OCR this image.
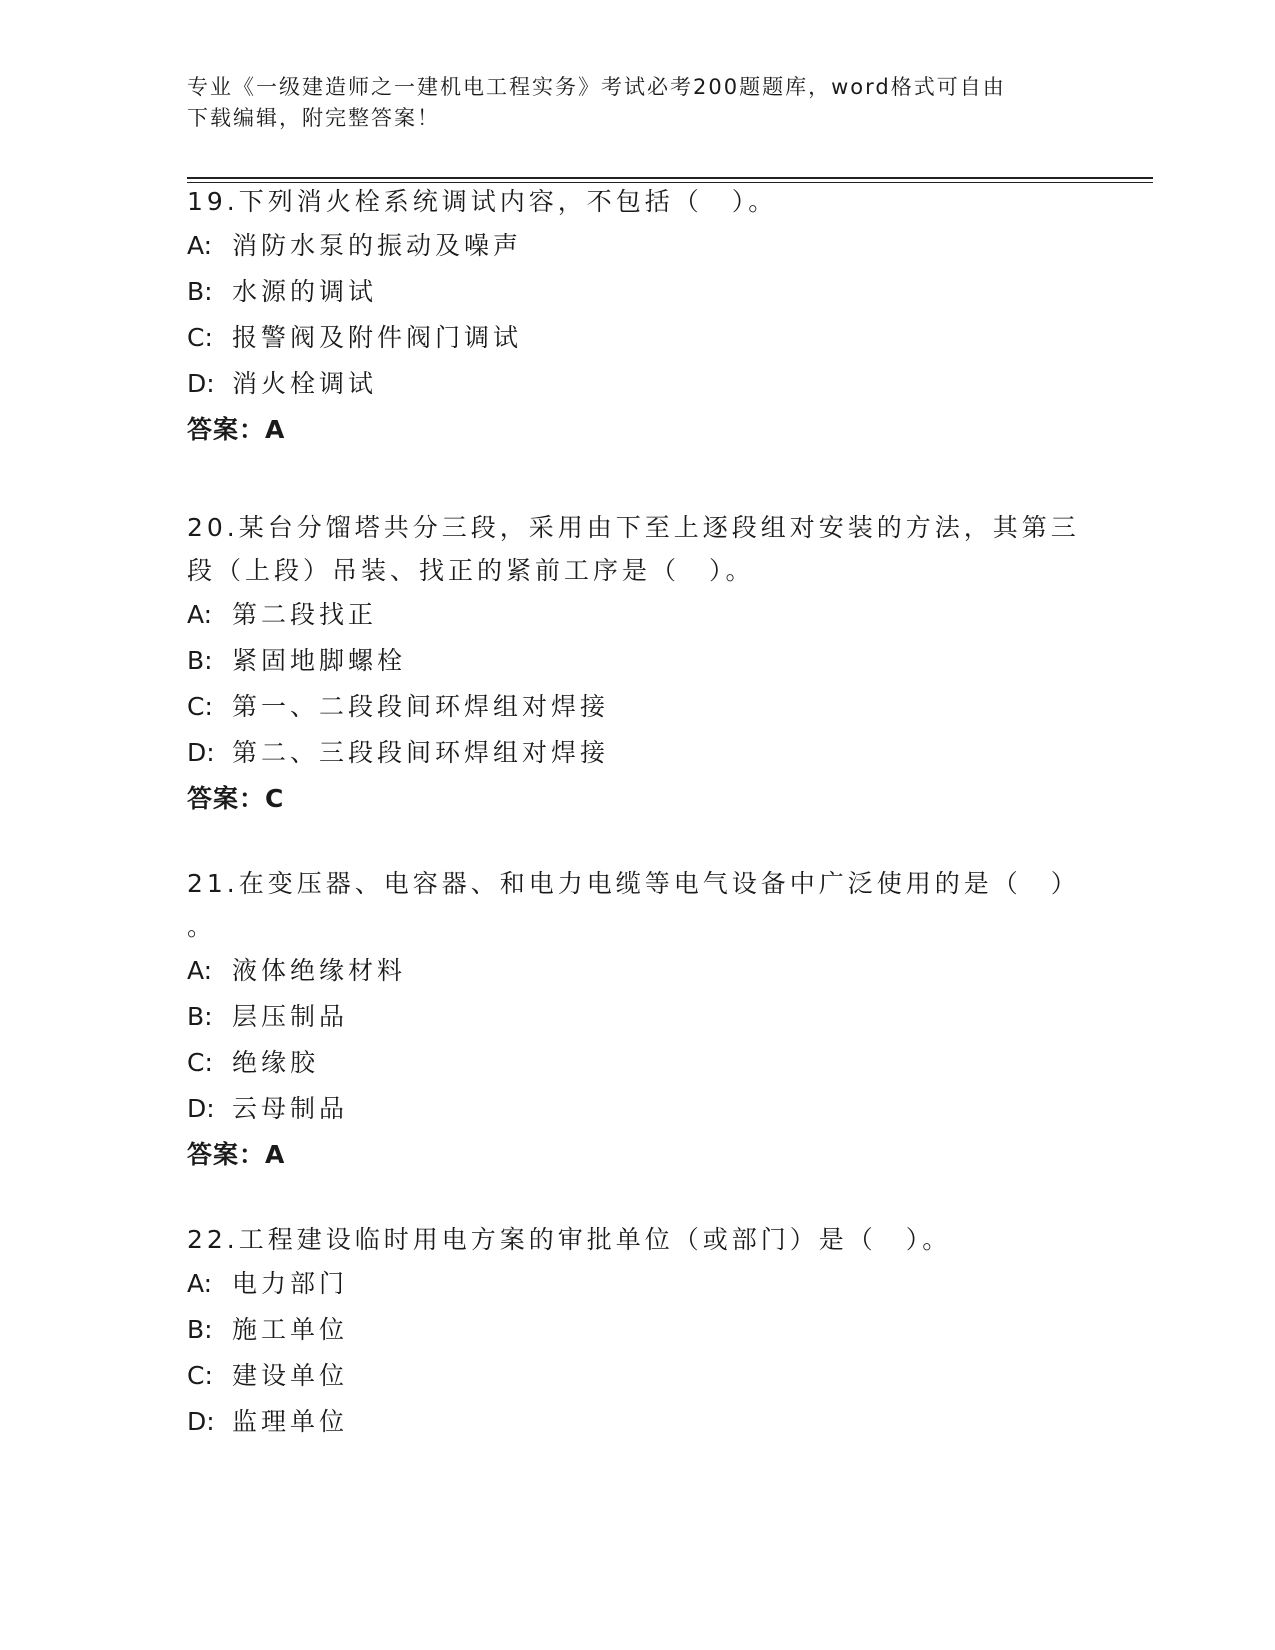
专业《一级建造师之一建机电工程实务》考试必考200题题库，word格式可自由
下载编辑，附完整答案！

19.下列消火栓系统调试内容，不包括（　）。

A: 消防水泵的振动及噪声

B: 水源的调试

C: 报警阀及附件阀门调试

D: 消火栓调试

答案：A

20.某台分馏塔共分三段，采用由下至上逐段组对安装的方法，其第三

段（上段）吊装、找正的紧前工序是（　）。

A: 第二段找正

B: 紧固地脚螺栓

C: 第一、二段段间环焊组对焊接

D: 第二、三段段间环焊组对焊接

答案：C

21.在变压器、电容器、和电力电缆等电气设备中广泛使用的是（　）

。

A: 液体绝缘材料

B: 层压制品

C: 绝缘胶

D: 云母制品

答案：A

22.工程建设临时用电方案的审批单位（或部门）是（　）。

A: 电力部门

B: 施工单位

C: 建设单位

D: 监理单位
